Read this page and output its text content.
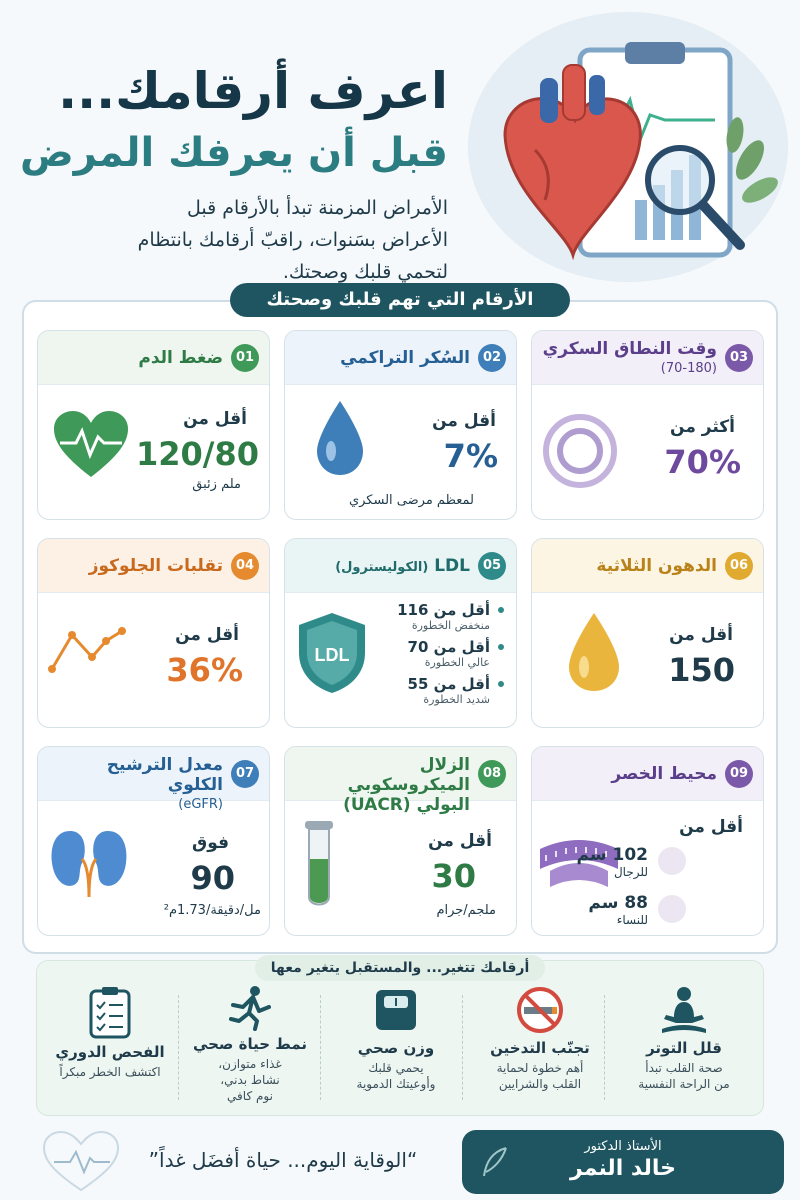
اعرف أرقامك...
قبل أن يعرفك المرض
الأمراض المزمنة تبدأ بالأرقام قبل الأعراض بسَنوات، راقبّ أرقامك بانتظام لتحمي قلبك وصحتك.
الأرقام التي تهم قلبك وصحتك
01
ضغط الدم
أقل من
120/80
ملم زئبق
02
السُكر التراكمي
أقل من
7%
لمعظم مرضى السكري
03
وقت النطاق السكري
(70-180)
أكثر من
70%
04
تقلبات الجلوكوز
أقل من
36%
05
LDL (الكوليسترول)
LDL
أقل من 116
منخفض الخطورة
أقل من 70
عالي الخطورة
أقل من 55
شديد الخطورة
06
الدهون الثلاثية
أقل من
150
07
معدل الترشيح الكلوي
(eGFR)
فوق
90
مل/دقيقة/1.73م²
08
الزلال الميكروسكوبي
البولي (UACR)
أقل من
30
ملجم/جرام
09
محيط الخصر
أقل من
102 سم
للرجال
88 سم
للنساء
أرقامك تتغير... والمستقبل يتغير معها
قلل التوتر
صحة القلب تبدأ
من الراحة النفسية
تجنّب التدخين
أهم خطوة لحماية
القلب والشرايين
وزن صحي
يحمي قلبك
وأوعيتك الدموية
نمط حياة صحي
غذاء متوازن،
نشاط بدني،
نوم كافي
الفحص الدوري
اكتشف الخطر مبكراً
“الوقاية اليوم... حياة أفضَل غداً”
الأستاذ الدكتور
خالد النمر
